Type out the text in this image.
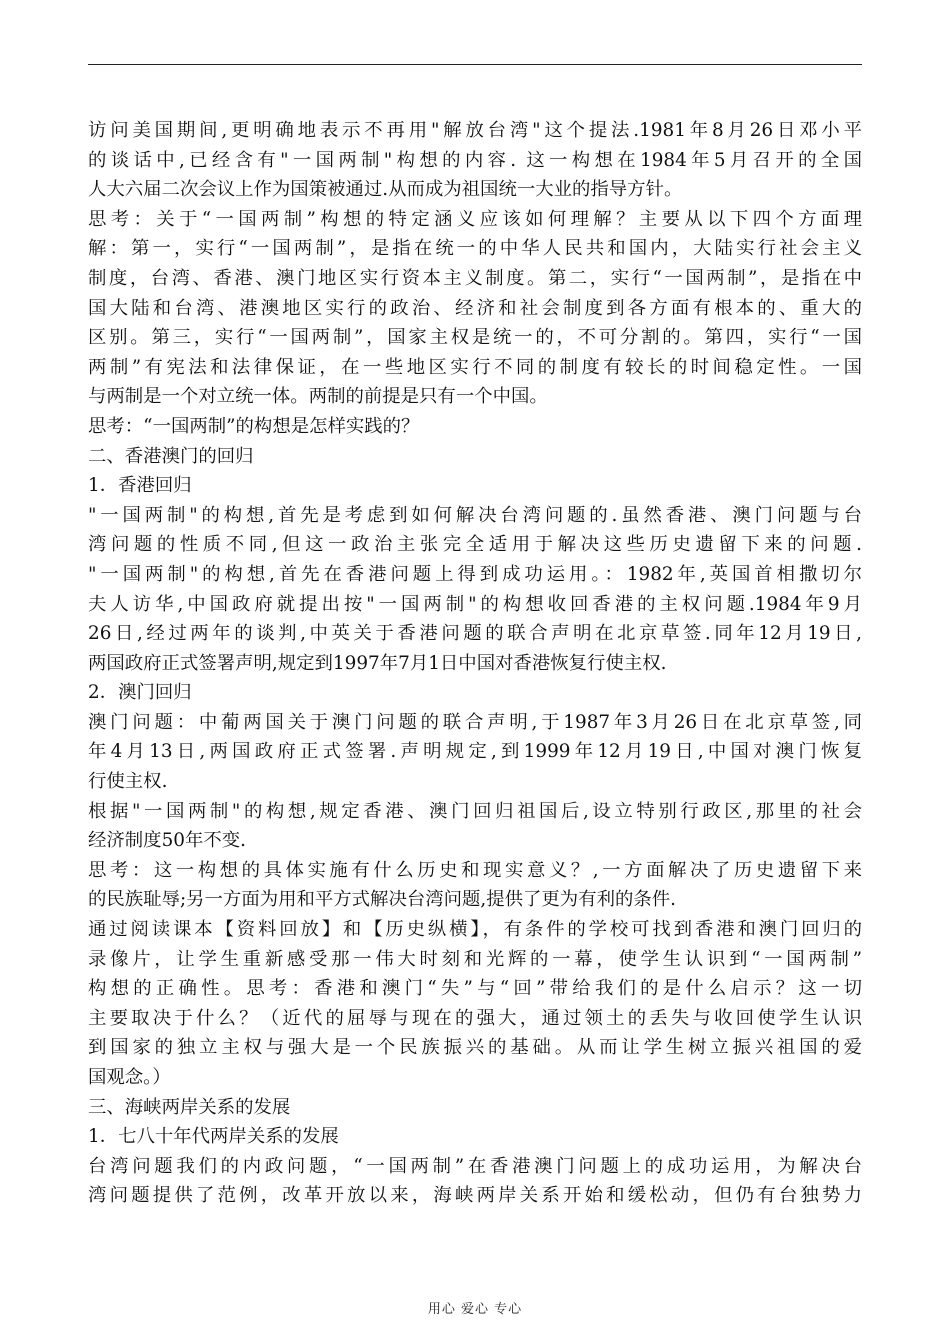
访问美国期间,更明确地表示不再用"解放台湾"这个提法.1981年8月26日邓小平
的谈话中,已经含有"一国两制"构想的内容. 这一构想在1984年5月召开的全国
人大六届二次会议上作为国策被通过.从而成为祖国统一大业的指导方针。
思考：关于“一国两制”构想的特定涵义应该如何理解？主要从以下四个方面理
解：第一，实行“一国两制”，是指在统一的中华人民共和国内，大陆实行社会主义
制度，台湾、香港、澳门地区实行资本主义制度。第二，实行“一国两制”，是指在中
国大陆和台湾、港澳地区实行的政治、经济和社会制度到各方面有根本的、重大的
区别。第三，实行“一国两制”，国家主权是统一的，不可分割的。第四，实行“一国
两制”有宪法和法律保证，在一些地区实行不同的制度有较长的时间稳定性。一国
与两制是一个对立统一体。两制的前提是只有一个中国。
思考：“一国两制”的构想是怎样实践的？
二、香港澳门的回归
1．香港回归
"一国两制"的构想,首先是考虑到如何解决台湾问题的.虽然香港、澳门问题与台
湾问题的性质不同,但这一政治主张完全适用于解决这些历史遗留下来的问题.
"一国两制"的构想,首先在香港问题上得到成功运用。：1982年,英国首相撒切尔
夫人访华,中国政府就提出按"一国两制"的构想收回香港的主权问题.1984年9月
26日,经过两年的谈判,中英关于香港问题的联合声明在北京草签.同年12月19日,
两国政府正式签署声明,规定到1997年7月1日中国对香港恢复行使主权.
2．澳门回归
澳门问题：中葡两国关于澳门问题的联合声明,于1987年3月26日在北京草签,同
年4月13日,两国政府正式签署.声明规定,到1999年12月19日,中国对澳门恢复
行使主权.
根据"一国两制"的构想,规定香港、澳门回归祖国后,设立特别行政区,那里的社会
经济制度50年不变.
思考：这一构想的具体实施有什么历史和现实意义？,一方面解决了历史遗留下来
的民族耻辱;另一方面为用和平方式解决台湾问题,提供了更为有利的条件.
通过阅读课本【资料回放】和【历史纵横】，有条件的学校可找到香港和澳门回归的
录像片，让学生重新感受那一伟大时刻和光辉的一幕，使学生认识到“一国两制”
构想的正确性。思考：香港和澳门“失”与“回”带给我们的是什么启示？这一切
主要取决于什么？（近代的屈辱与现在的强大，通过领土的丢失与收回使学生认识
到国家的独立主权与强大是一个民族振兴的基础。从而让学生树立振兴祖国的爱
国观念。）
三、海峡两岸关系的发展
1．七八十年代两岸关系的发展
台湾问题我们的内政问题，“一国两制”在香港澳门问题上的成功运用，为解决台
湾问题提供了范例，改革开放以来，海峡两岸关系开始和缓松动，但仍有台独势力
用心 爱心 专心
